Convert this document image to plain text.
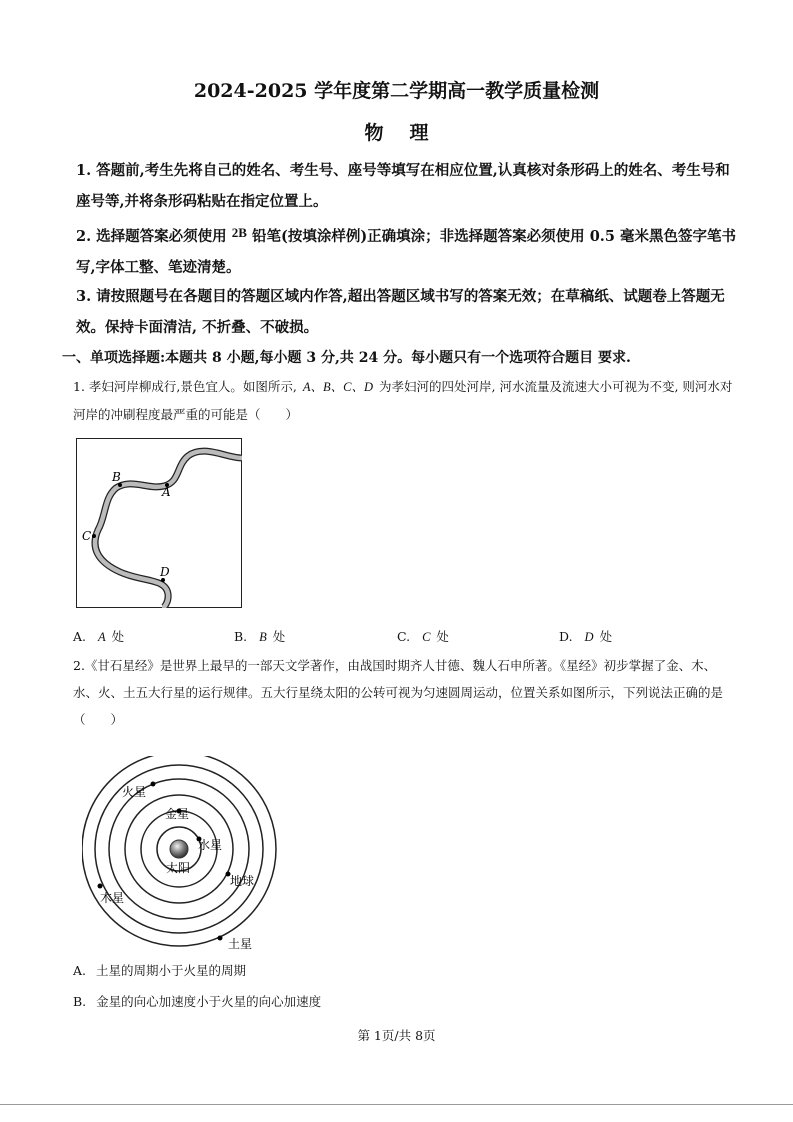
2024-2025 学年度第二学期高一教学质量检测
物理
1. 答题前,考生先将自己的姓名、考生号、座号等填写在相应位置,认真核对条形码上的姓名、考生号和座号等,并将条形码粘贴在指定位置上。
2. 选择题答案必须使用 2B 铅笔(按填涂样例)正确填涂；非选择题答案必须使用 0.5 毫米黑色签字笔书写,字体工整、笔迹清楚。
3. 请按照题号在各题目的答题区域内作答,超出答题区域书写的答案无效；在草稿纸、试题卷上答题无效。保持卡面清洁, 不折叠、不破损。
一、单项选择题:本题共 8 小题,每小题 3 分,共 24 分。每小题只有一个选项符合题目 要求.
1. 孝妇河岸柳成行,景色宜人。如图所示, A、B、C、D 为孝妇河的四处河岸, 河水流量及流速大小可视为不变, 则河水对河岸的冲刷程度最严重的可能是（　　）
B
A
C
D
A. A 处	B. B 处	C. C 处	D. D 处
2.《甘石星经》是世界上最早的一部天文学著作，由战国时期齐人甘德、魏人石申所著。《星经》初步掌握了金、木、水、火、土五大行星的运行规律。五大行星绕太阳的公转可视为匀速圆周运动，位置关系如图所示，下列说法正确的是（　　）
太阳
水星
金星
地球
火星
木星
土星
A. 土星的周期小于火星的周期
B. 金星的向心加速度小于火星的向心加速度
第 1页/共 8页
